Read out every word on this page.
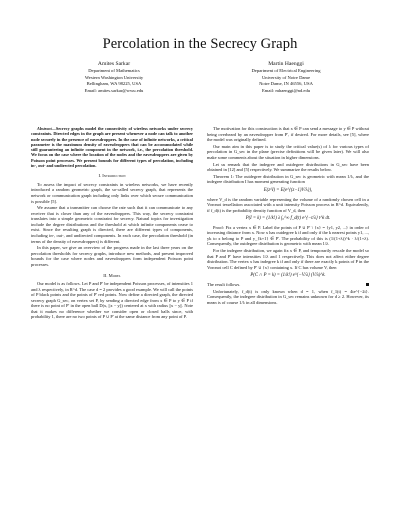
Percolation in the Secrecy Graph
Amites Sarkar
Department of Mathematics
Western Washington University
Bellingham, WA 98225, USA
Email: amites.sarkar@wwu.edu
Martin Haenggi
Department of Electrical Engineering
University of Notre Dame
Notre Dame, IN 46556, USA
Email: mhaenggi@nd.edu
Abstract—Secrecy graphs model the connectivity of wireless networks under secrecy constraints. Directed edges in the graph are present whenever a node can talk to another node securely in the presence of eavesdroppers. In the case of infinite networks, a critical parameter is the maximum density of eavesdroppers that can be accommodated while still guaranteeing an infinite component in the network, i.e., the percolation threshold. We focus on the case where the location of the nodes and the eavesdroppers are given by Poisson point processes. We present bounds for different types of percolation, including in-, out- and undirected percolation.
I. Introduction

To assess the impact of secrecy constraints in wireless networks, we have recently introduced a random geometric graph, the so-called secrecy graph, that represents the network or communication graph including only links over which secure communication is possible [5].

We assume that a transmitter can choose the rate such that it can communicate to any receiver that is closer than any of the eavesdroppers. This way, the secrecy constraint translates into a simple geometric constraint for secrecy. Natural topics for investigation include the degree distributions and the threshold at which infinite components cease to exist. Since the resulting graph is directed, there are different types of components, including in-, out-, and undirected components. In each case, the percolation threshold (in terms of the density of eavesdroppers) is different.

In this paper, we give an overview of the progress made in the last three years on the percolation thresholds for secrecy graphs, introduce new methods, and present improved bounds for the case where nodes and eavesdroppers form independent Poisson point processes.

II. Model

Our model is as follows. Let P and P' be independent Poisson processes, of intensities 1 and λ respectively, in R^d. The case d = 2 provides a good example. We will call the points of P black points and the points of P' red points. Now define a directed graph, the directed secrecy graph G_sec, on vertex set P, by sending a directed edge from x ∈ P to y ∈ P if there is no point of P' in the open ball D(x, ||x − y||) centered at x with radius ||x − y||. Note that it makes no difference whether we consider open or closed balls since, with probability 1, there are no two points of P ∪ P' at the same distance from any point of P.

The motivation for this construction is that x ∈ P can send a message to y ∈ P without being overheard by an eavesdropper from P', if desired. For more details, see [5], where the model was originally defined.

Our main aim in this paper is to study the critical value(s) of λ for various types of percolation in G_sec in the plane (precise definitions will be given later). We will also make some comments about the situation in higher dimensions.

Let us remark that the indegree and outdegree distributions in G_sec have been obtained in [12] and [5] respectively. We summarize the results below.

Theorem 1: The outdegree distribution in G_sec is geometric with mean 1/λ, and the indegree distribution I has moment generating function

E(z^I) = E(e^{(z−1)V/λ}),

where V_d is the random variable representing the volume of a randomly chosen cell in a Voronoi tessellation associated with a unit intensity Poisson process in R^d. Equivalently, if f_d(t) is the probability density function of V_d, then

P(I = k) = (1/k!) λ ∫₀^∞ f_d(t) e^{−t/λ} t^k dt.

Proof: Fix a vertex x ∈ P. Label the points of P ∪ P' \ {x} = {y1, y2, ...} in order of increasing distance from x. Now x has outdegree k if and only if the k nearest points y1, ..., yk to x belong to P and y_{k+1} ∈ P'. The probability of this is (1/(1+λ))^k · λ/(1+λ). Consequently, the outdegree distribution is geometric with mean 1/λ.

For the indegree distribution, we again fix x ∈ P, and temporarily rescale the model so that P and P' have intensities 1/λ and 1 respectively. This does not affect either degree distribution. The vertex x has indegree k if and only if there are exactly k points of P in the Voronoi cell C defined by P' ∪ {x} containing x. If C has volume V, then

P(C ∩ P = k) = (1/k!) e^{−V/λ} (V/λ)^k.

The result follows.

Unfortunately, f_d(t) is only known when d = 1, when f_1(t) = 4te^{−2t}. Consequently, the indegree distribution in G_sec remains unknown for d ≥ 2. However, its mean is of course 1/λ in all dimensions.
